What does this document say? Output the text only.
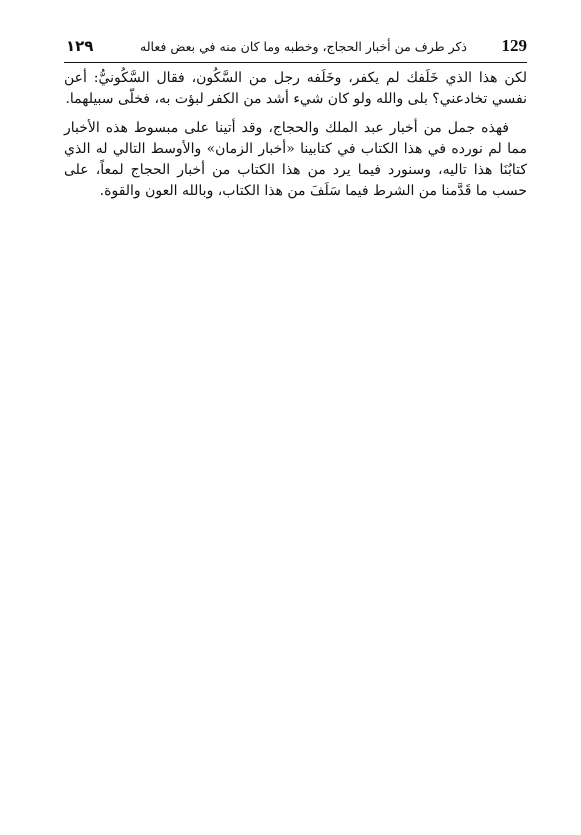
129
ذكر طرف من أخبار الحجاج، وخطبه وما كان منه في بعض فعاله
١٢٩

لكن هذا الذي خَلَفك لم يكفر، وخَلَفه رجل من السَّكُون، فقال السَّكُونيُّ: أعن نفسي تخادعني؟ بلى والله ولو كان شيء أشد من الكفر لبؤت به، فخلّى سبيلهما.

فهذه جمل من أخبار عبد الملك والحجاج، وقد أتينا على مبسوط هذه الأخبار مما لم نورده في هذا الكتاب في كتابينا «أخبار الزمان» والأوسط التالي له الذي كتابُنَا هذا تاليه، وسنورد فيما يرد من هذا الكتاب من أخبار الحجاج لمعاً، على حسب ما قَدَّمنا من الشرط فيما سَلَفَ من هذا الكتاب، وبالله العون والقوة.
